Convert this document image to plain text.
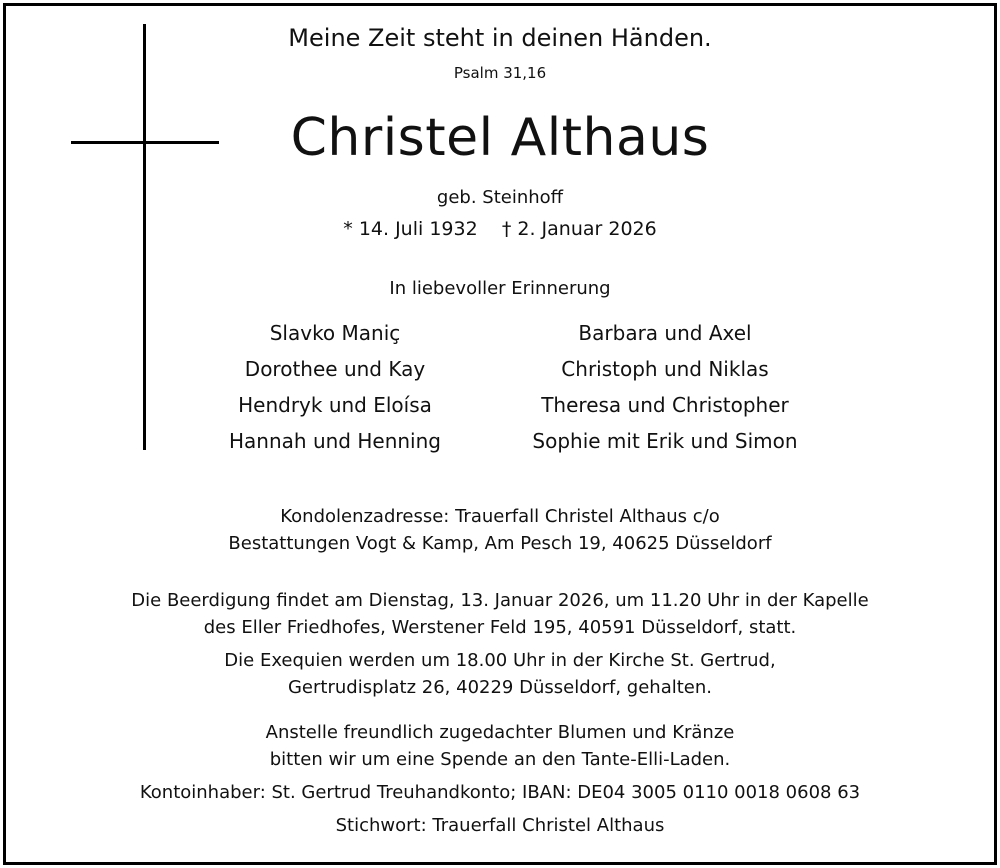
Meine Zeit steht in deinen Händen.
Psalm 31,16
Christel Althaus
geb. Steinhoff
* 14. Juli 1932    † 2. Januar 2026
In liebevoller Erinnerung
Slavko Maniç
Dorothee und Kay
Hendryk und Eloísa
Hannah und Henning
Barbara und Axel
Christoph und Niklas
Theresa und Christopher
Sophie mit Erik und Simon
Kondolenzadresse: Trauerfall Christel Althaus c/o
Bestattungen Vogt & Kamp, Am Pesch 19, 40625 Düsseldorf
Die Beerdigung findet am Dienstag, 13. Januar 2026, um 11.20 Uhr in der Kapelle
des Eller Friedhofes, Werstener Feld 195, 40591 Düsseldorf, statt.
Die Exequien werden um 18.00 Uhr in der Kirche St. Gertrud,
Gertrudisplatz 26, 40229 Düsseldorf, gehalten.
Anstelle freundlich zugedachter Blumen und Kränze
bitten wir um eine Spende an den Tante-Elli-Laden.
Kontoinhaber: St. Gertrud Treuhandkonto; IBAN: DE04 3005 0110 0018 0608 63
Stichwort: Trauerfall Christel Althaus
